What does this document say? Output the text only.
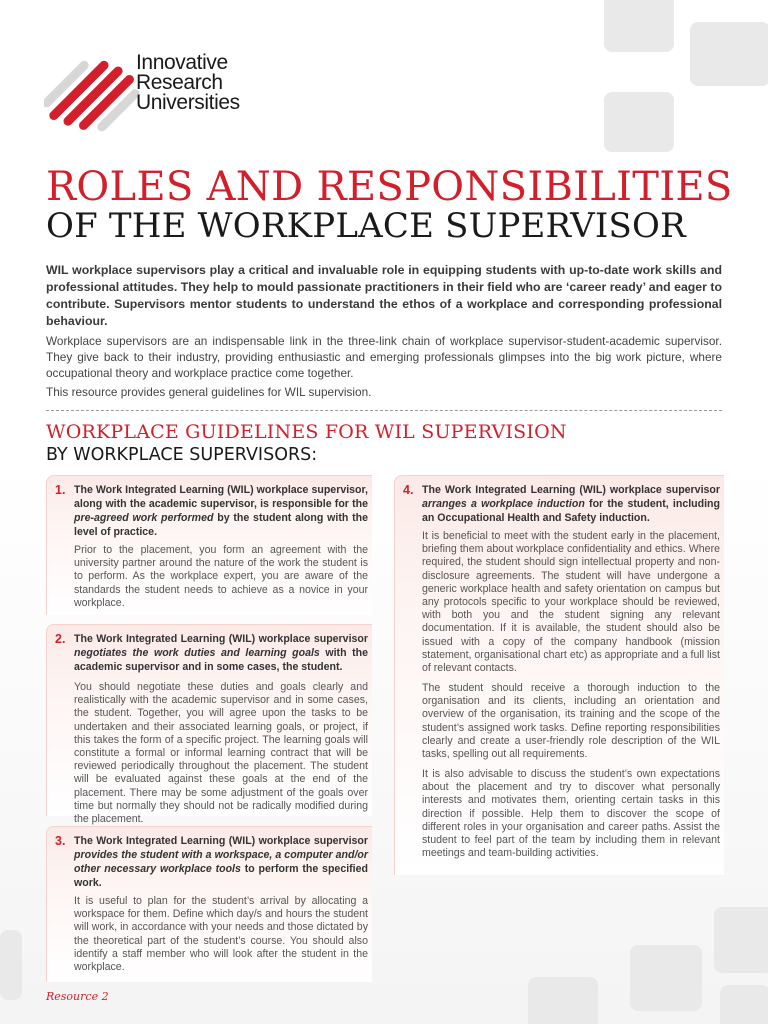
Innovative
Research
Universities
ROLES AND RESPONSIBILITIES
OF THE WORKPLACE SUPERVISOR
WIL workplace supervisors play a critical and invaluable role in equipping students with up-to-date work skills and professional attitudes. They help to mould passionate practitioners in their field who are ‘career ready’ and eager to contribute. Supervisors mentor students to understand the ethos of a workplace and corresponding professional behaviour.
Workplace supervisors are an indispensable link in the three-link chain of workplace supervisor-student-academic supervisor. They give back to their industry, providing enthusiastic and emerging professionals glimpses into the big work picture, where occupational theory and workplace practice come together.
This resource provides general guidelines for WIL supervision.
WORKPLACE GUIDELINES FOR WIL SUPERVISION
BY WORKPLACE SUPERVISORS:
1. The Work Integrated Learning (WIL) workplace supervisor, along with the academic supervisor, is responsible for the pre-agreed work performed by the student along with the level of practice.
Prior to the placement, you form an agreement with the university partner around the nature of the work the student is to perform. As the workplace expert, you are aware of the standards the student needs to achieve as a novice in your workplace.
2. The Work Integrated Learning (WIL) workplace supervisor negotiates the work duties and learning goals with the academic supervisor and in some cases, the student.
You should negotiate these duties and goals clearly and realistically with the academic supervisor and in some cases, the student. Together, you will agree upon the tasks to be undertaken and their associated learning goals, or project, if this takes the form of a specific project. The learning goals will constitute a formal or informal learning contract that will be reviewed periodically throughout the placement. The student will be evaluated against these goals at the end of the placement. There may be some adjustment of the goals over time but normally they should not be radically modified during the placement.
3. The Work Integrated Learning (WIL) workplace supervisor provides the student with a workspace, a computer and/or other necessary workplace tools to perform the specified work.
It is useful to plan for the student’s arrival by allocating a workspace for them. Define which day/s and hours the student will work, in accordance with your needs and those dictated by the theoretical part of the student’s course. You should also identify a staff member who will look after the student in the workplace.
4. The Work Integrated Learning (WIL) workplace supervisor arranges a workplace induction for the student, including an Occupational Health and Safety induction.
It is beneficial to meet with the student early in the placement, briefing them about workplace confidentiality and ethics. Where required, the student should sign intellectual property and non-disclosure agreements. The student will have undergone a generic workplace health and safety orientation on campus but any protocols specific to your workplace should be reviewed, with both you and the student signing any relevant documentation. If it is available, the student should also be issued with a copy of the company handbook (mission statement, organisational chart etc) as appropriate and a full list of relevant contacts.
The student should receive a thorough induction to the organisation and its clients, including an orientation and overview of the organisation, its training and the scope of the student’s assigned work tasks. Define reporting responsibilities clearly and create a user-friendly role description of the WIL tasks, spelling out all requirements.
It is also advisable to discuss the student’s own expectations about the placement and try to discover what personally interests and motivates them, orienting certain tasks in this direction if possible. Help them to discover the scope of different roles in your organisation and career paths. Assist the student to feel part of the team by including them in relevant meetings and team-building activities.
Resource 2
